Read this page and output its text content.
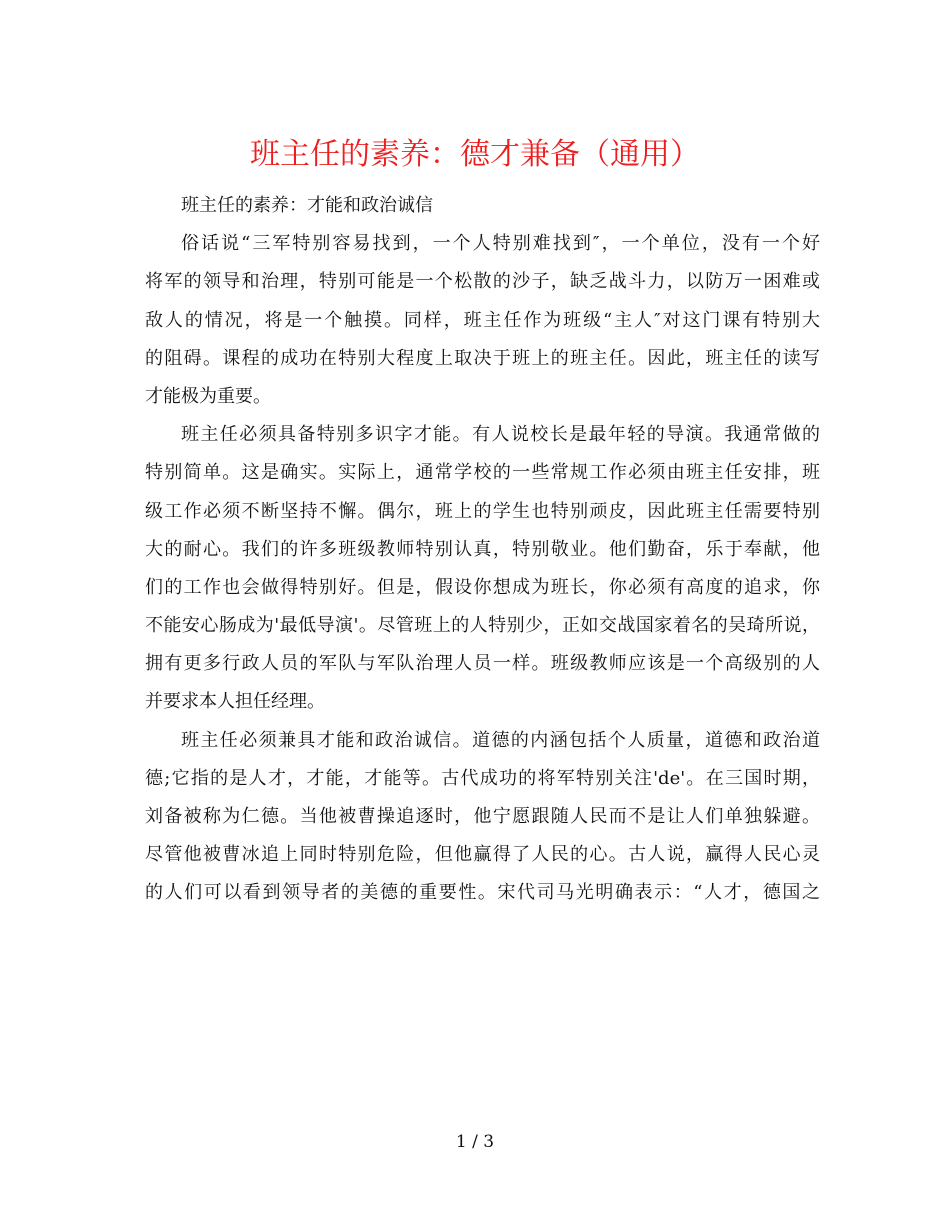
班主任的素养：德才兼备（通用）
班主任的素养：才能和政治诚信
俗话说“三军特别容易找到，一个人特别难找到″，一个单位，没有一个好
将军的领导和治理，特别可能是一个松散的沙子，缺乏战斗力，以防万一困难或
敌人的情况，将是一个触摸。同样，班主任作为班级“主人″对这门课有特别大
的阻碍。课程的成功在特别大程度上取决于班上的班主任。因此，班主任的读写
才能极为重要。
班主任必须具备特别多识字才能。有人说校长是最年轻的导演。我通常做的
特别简单。这是确实。实际上，通常学校的一些常规工作必须由班主任安排，班
级工作必须不断坚持不懈。偶尔，班上的学生也特别顽皮，因此班主任需要特别
大的耐心。我们的许多班级教师特别认真，特别敬业。他们勤奋，乐于奉献，他
们的工作也会做得特别好。但是，假设你想成为班长，你必须有高度的追求，你
不能安心肠成为'最低导演'。尽管班上的人特别少，正如交战国家着名的吴琦所说，
拥有更多行政人员的军队与军队治理人员一样。班级教师应该是一个高级别的人
并要求本人担任经理。
班主任必须兼具才能和政治诚信。道德的内涵包括个人质量，道德和政治道
德;它指的是人才，才能，才能等。古代成功的将军特别关注'de'。在三国时期，
刘备被称为仁德。当他被曹操追逐时，他宁愿跟随人民而不是让人们单独躲避。
尽管他被曹冰追上同时特别危险，但他赢得了人民的心。古人说，赢得人民心灵
的人们可以看到领导者的美德的重要性。宋代司马光明确表示：“人才，德国之
1 / 3
